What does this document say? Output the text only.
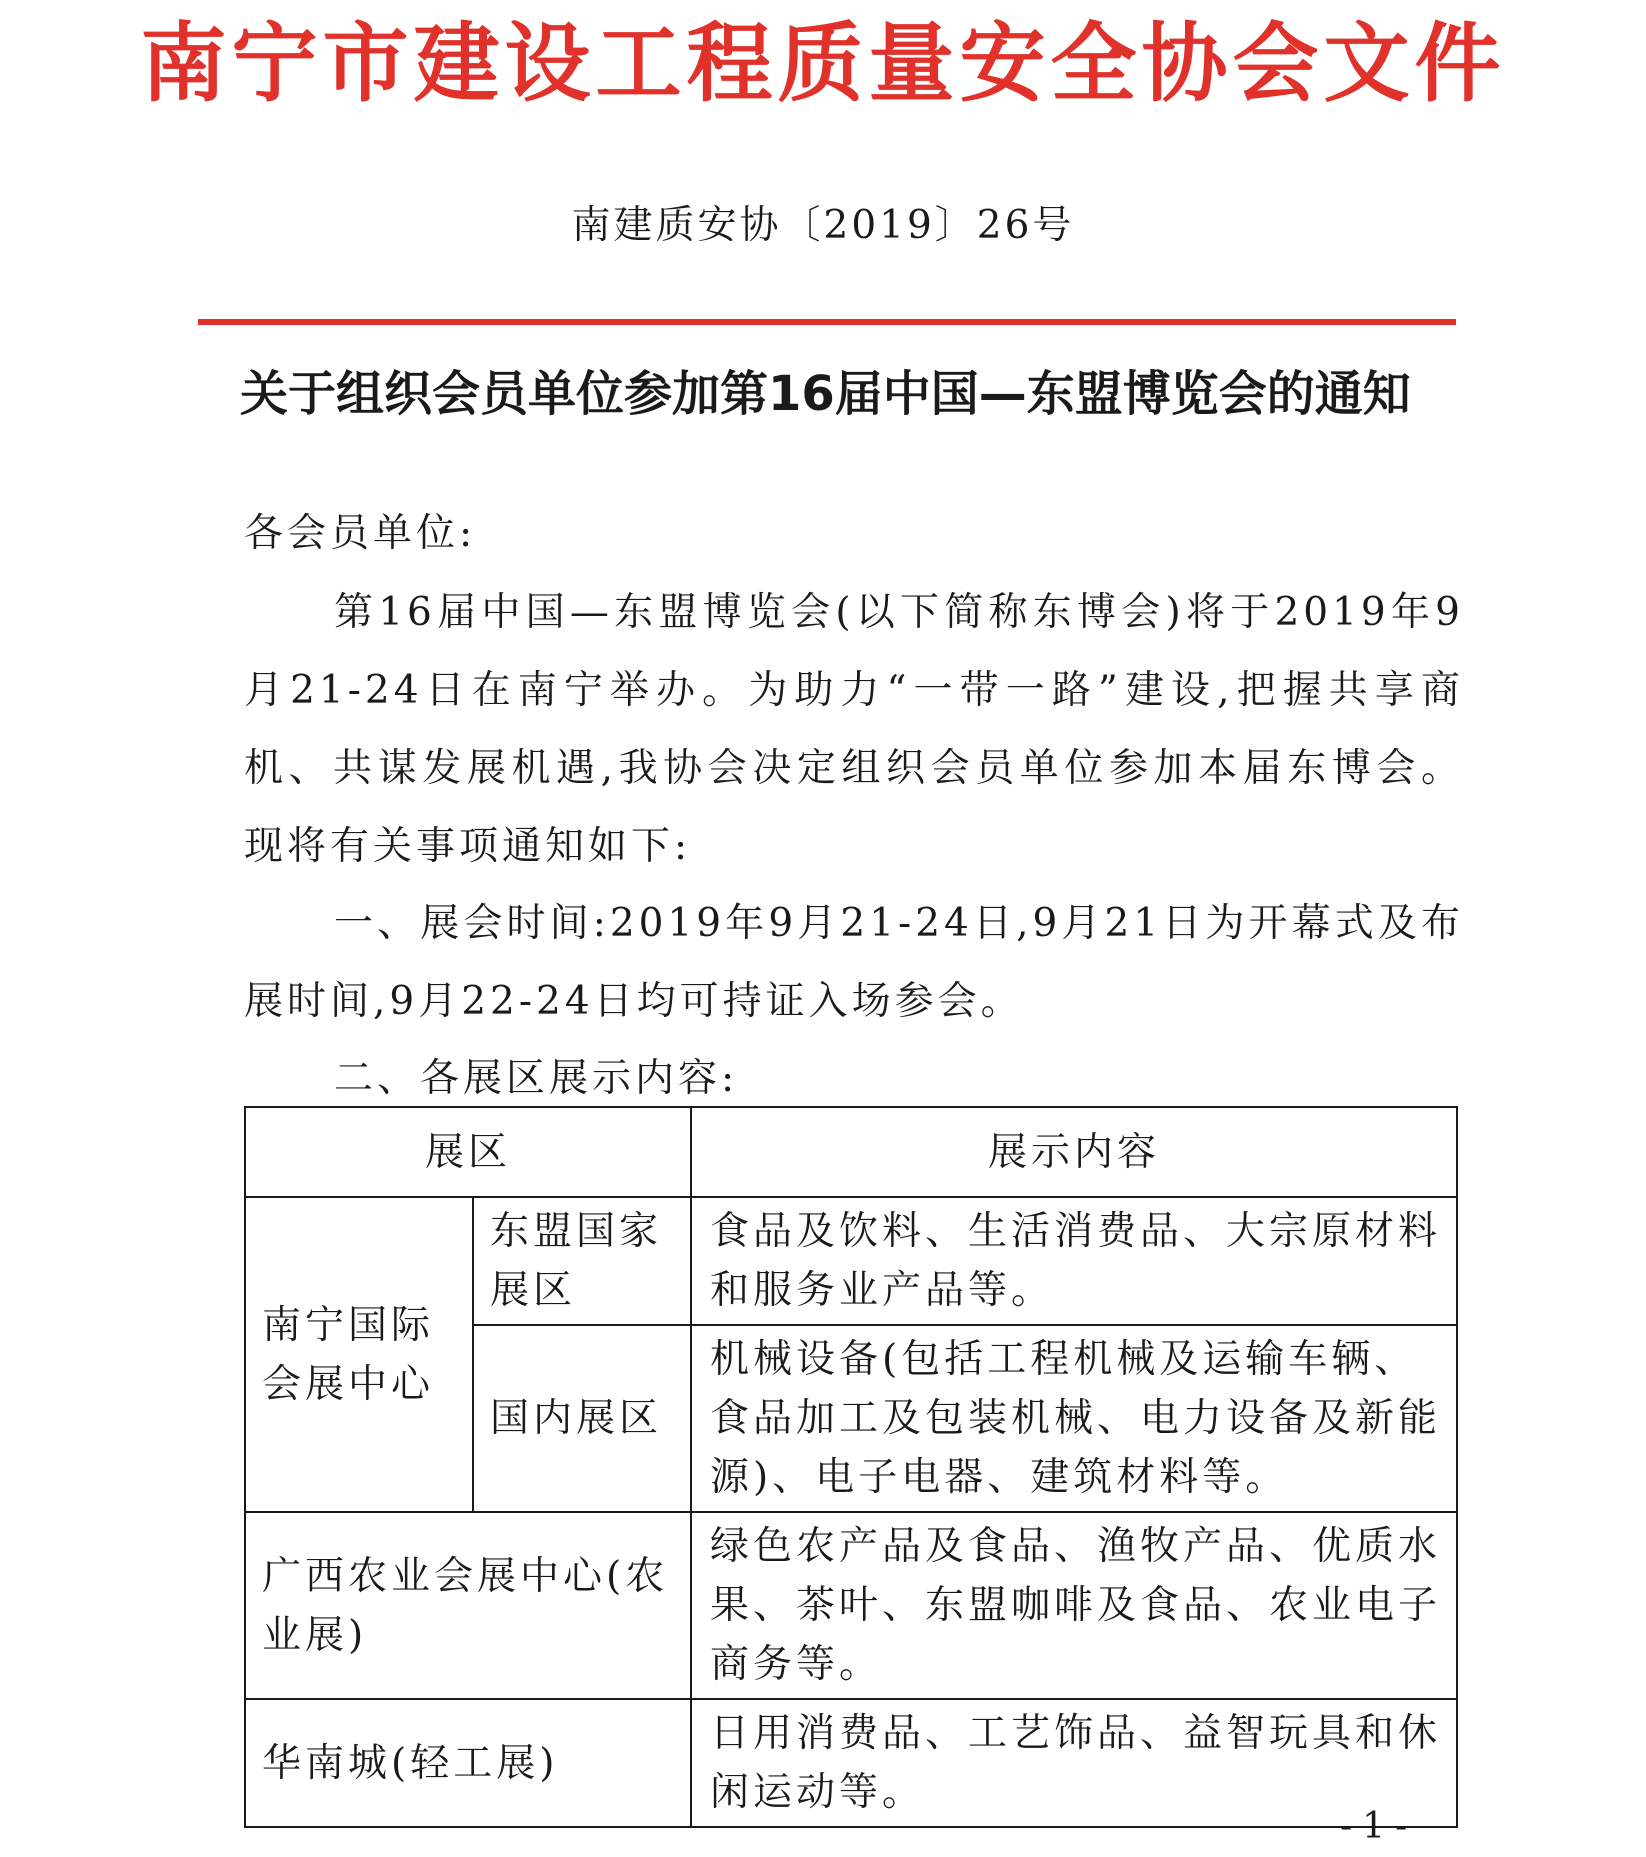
南宁市建设工程质量安全协会文件
南建质安协〔2019〕26号
关于组织会员单位参加第16届中国—东盟博览会的通知
各会员单位:
第16届中国—东盟博览会(以下简称东博会)将于2019年9月21-24日在南宁举办。为助力“一带一路”建设,把握共享商机、共谋发展机遇,我协会决定组织会员单位参加本届东博会。现将有关事项通知如下:
一、展会时间:2019年9月21-24日,9月21日为开幕式及布展时间,9月22-24日均可持证入场参会。
二、各展区展示内容:
展区		展示内容
南宁国际会展中心	东盟国家展区	食品及饮料、生活消费品、大宗原材料和服务业产品等。
	国内展区	机械设备(包括工程机械及运输车辆、食品加工及包装机械、电力设备及新能源)、电子电器、建筑材料等。
广西农业会展中心(农业展)		绿色农产品及食品、渔牧产品、优质水果、茶叶、东盟咖啡及食品、农业电子商务等。
华南城(轻工展)		日用消费品、工艺饰品、益智玩具和休闲运动等。
-1-
